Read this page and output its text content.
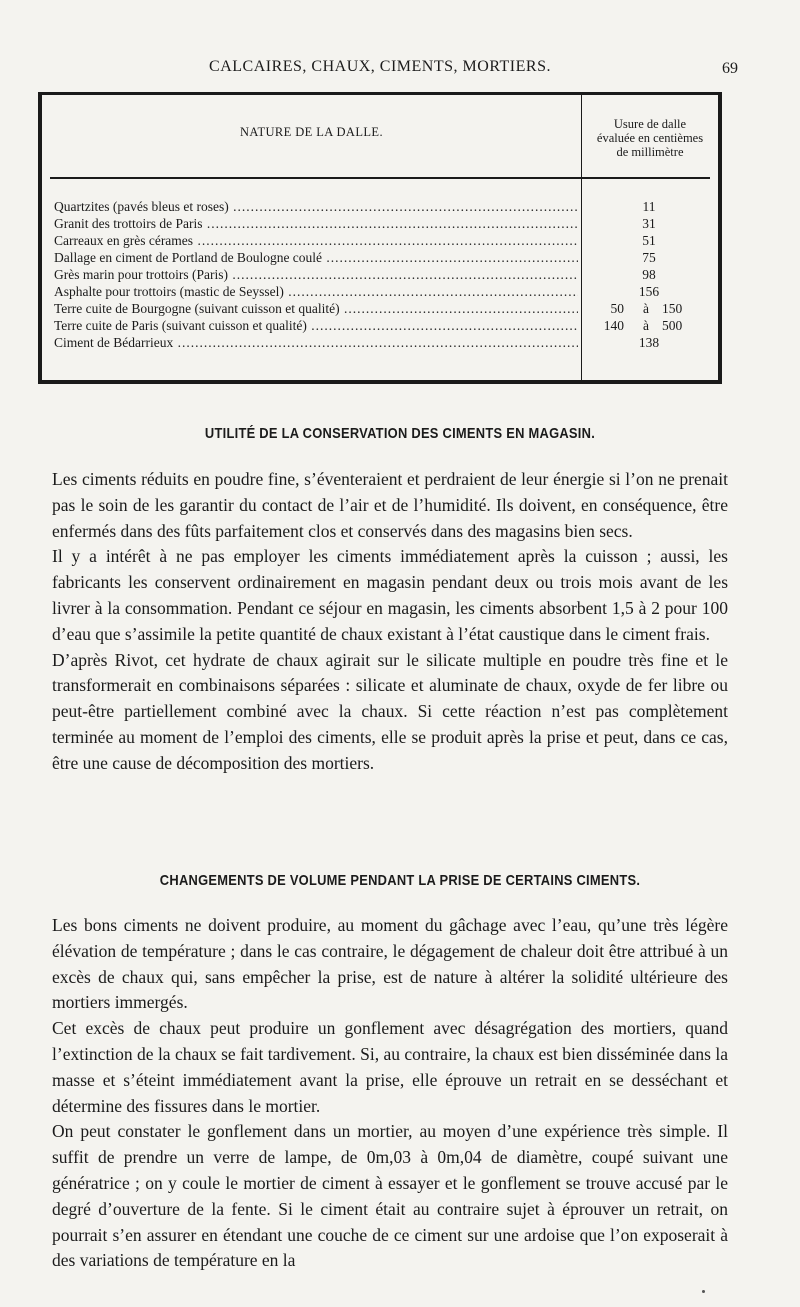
CALCAIRES, CHAUX, CIMENTS, MORTIERS.	69
NATURE DE LA DALLE.
Usure de dalle
évaluée en centièmes
de millimètre
Quartzites (pavés bleus et roses) .....	11
Granit des trottoirs de Paris .....	31
Carreaux en grès cérames .....	51
Dallage en ciment de Portland de Boulogne coulé .....	75
Grès marin pour trottoirs (Paris) .....	98
Asphalte pour trottoirs (mastic de Seyssel) .....	156
Terre cuite de Bourgogne (suivant cuisson et qualité) .....	50	à 150
Terre cuite de Paris (suivant cuisson et qualité) .....	140	à 500
Ciment de Bédarrieux .....	138
UTILITÉ DE LA CONSERVATION DES CIMENTS EN MAGASIN.

Les ciments réduits en poudre fine, s’éventeraient et perdraient de leur énergie si l’on ne prenait pas le soin de les garantir du contact de l’air et de l’humidité. Ils doivent, en conséquence, être enfermés dans des fûts parfaitement clos et conservés dans des magasins bien secs.

Il y a intérêt à ne pas employer les ciments immédiatement après la cuisson ; aussi, les fabricants les conservent ordinairement en magasin pendant deux ou trois mois avant de les livrer à la consommation. Pendant ce séjour en magasin, les ciments absorbent 1,5 à 2 pour 100 d’eau que s’assimile la petite quantité de chaux existant à l’état caustique dans le ciment frais.

D’après Rivot, cet hydrate de chaux agirait sur le silicate multiple en poudre très fine et le transformerait en combinaisons séparées : silicate et aluminate de chaux, oxyde de fer libre ou peut-être partiellement combiné avec la chaux. Si cette réaction n’est pas complètement terminée au moment de l’emploi des ciments, elle se produit après la prise et peut, dans ce cas, être une cause de décomposition des mortiers.

CHANGEMENTS DE VOLUME PENDANT LA PRISE DE CERTAINS CIMENTS.

Les bons ciments ne doivent produire, au moment du gâchage avec l’eau, qu’une très légère élévation de température ; dans le cas contraire, le dégagement de chaleur doit être attribué à un excès de chaux qui, sans empêcher la prise, est de nature à altérer la solidité ultérieure des mortiers immergés.

Cet excès de chaux peut produire un gonflement avec désagrégation des mortiers, quand l’extinction de la chaux se fait tardivement. Si, au contraire, la chaux est bien disséminée dans la masse et s’éteint immédiatement avant la prise, elle éprouve un retrait en se desséchant et détermine des fissures dans le mortier.

On peut constater le gonflement dans un mortier, au moyen d’une expérience très simple. Il suffit de prendre un verre de lampe, de 0m,03 à 0m,04 de diamètre, coupé suivant une génératrice ; on y coule le mortier de ciment à essayer et le gonflement se trouve accusé par le degré d’ouverture de la fente. Si le ciment était au contraire sujet à éprouver un retrait, on pourrait s’en assurer en étendant une couche de ce ciment sur une ardoise que l’on exposerait à des variations de température en la
